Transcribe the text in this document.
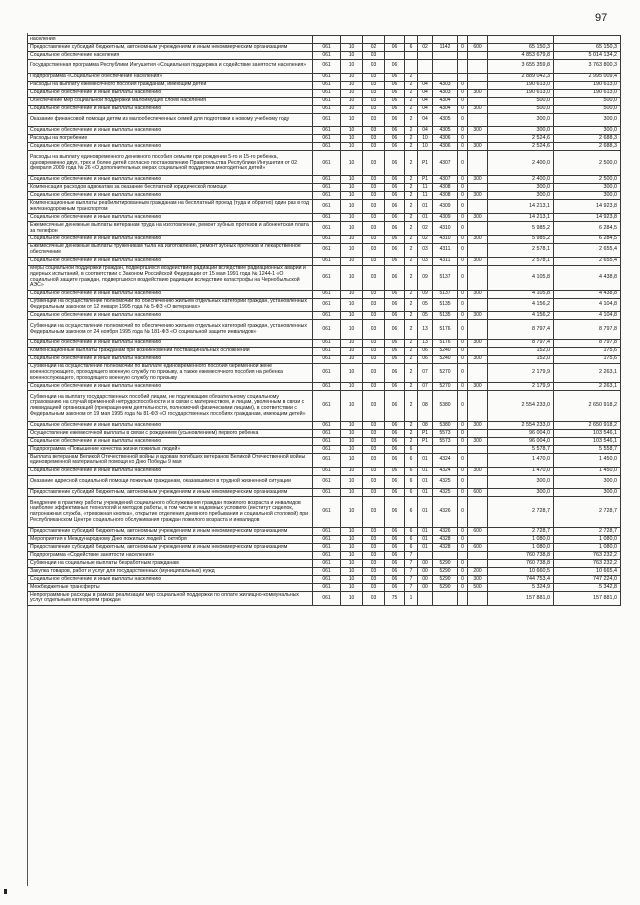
97
населения											
Предоставление субсидий бюджетным, автономным учреждениям и иным некоммерческим организациям	061	10	02	06	6	02	1142	0	600	65 150,3	65 150,3
Социальное обеспечение населения	061	10	03							4 853 679,8	5 014 134,2
Государственная программа Республики Ингушетия «Социальная поддержка и содействие занятости населения»	061	10	03	06						3 655 359,8	3 763 800,3
Подпрограмма «Социальное обеспечение населения»	061	10	03	06	2					2 889 042,3	2 995 009,4
Расходы на выплату ежемесячного пособия гражданам, имеющим детей	061	10	03	06	2	04	4303	0		190 613,0	190 613,0
Социальное обеспечение и иные выплаты населению	061	10	03	06	2	04	4303	0	300	190 613,0	190 613,0
Обеспечение мер социальной поддержки малоимущих слоев населения	061	10	03	06	2	04	4304	0		500,0	500,0
Социальное обеспечение и иные выплаты населению	061	10	03	06	2	04	4304	0	300	500,0	500,0
Оказание финансовой помощи детям из малообеспеченных семей для подготовки к новому учебному году	061	10	03	06	2	04	4305	0		300,0	300,0
Социальное обеспечение и иные выплаты населению	061	10	03	06	2	04	4305	0	300	300,0	300,0
Расходы на погребение	061	10	03	06	2	10	4306	0		2 524,6	2 688,3
Социальное обеспечение и иные выплаты населению	061	10	03	06	2	10	4306	0	300	2 524,6	2 688,3
Расходы на выплату единовременного денежного пособия семьям при рождении 5-го и 15-го ребенка, одновременно двух, трех и более детей согласно постановлению Правительства Республики Ингушетия от 02 февраля 2009 года № 26 «О дополнительных мерах социальной поддержки многодетных детей»	061	10	03	06	2	Р1	4307	0		2 400,0	2 500,0
Социальное обеспечение и иные выплаты населению	061	10	03	06	2	Р1	4307	0	300	2 400,0	2 500,0
Компенсация расходов адвокатам за оказание бесплатной юридической помощи	061	10	03	06	2	11	4308	0		300,0	300,0
Социальное обеспечение и иные выплаты населению	061	10	03	06	2	11	4308	0	300	300,0	300,0
Компенсационные выплаты реабилитированным гражданам на бесплатный проезд (туда и обратно) один раз в год железнодорожным транспортом	061	10	03	06	2	01	4309	0		14 213,1	14 923,8
Социальное обеспечение и иные выплаты населению	061	10	03	06	2	01	4309	0	300	14 213,1	14 923,8
Ежемесячные денежные выплаты ветеранам труда на изготовление, ремонт зубных протезов и абонентская плата за телефон	061	10	03	06	2	02	4310	0		5 985,2	6 284,5
Социальное обеспечение и иные выплаты населению	061	10	03	06	2	02	4310	0	300	5 985,2	6 284,5
Ежемесячные денежные выплаты труженикам тыла на изготовление, ремонт зубных протезов и лекарственное обеспечение	061	10	03	06	2	03	4311	0		2 578,1	2 655,4
Социальное обеспечение и иные выплаты населению	061	10	03	06	2	03	4311	0	300	2 578,1	2 655,4
Меры социальной поддержки граждан, подвергшихся воздействию радиации вследствие радиационных аварий и ядерных испытаний, в соответствии с Законом Российской Федерации от 15 мая 1991 года № 1244-1 «О социальной защите граждан, подвергшихся воздействию радиации вследствие катастрофы на Чернобыльской АЭС»	061	10	03	06	2	09	5137	0		4 105,8	4 438,8
Социальное обеспечение и иные выплаты населению	061	10	03	06	2	09	5137	0	300	4 105,8	4 438,8
Субвенции на осуществление полномочий по обеспечению жильем отдельных категорий граждан, установленных Федеральным законом от 12 января 1995 года № 5-ФЗ «О ветеранах»	061	10	03	06	2	05	5135	0		4 156,2	4 104,8
Социальное обеспечение и иные выплаты населению	061	10	03	06	2	05	5135	0	300	4 156,2	4 104,8
Субвенции на осуществление полномочий по обеспечению жильем отдельных категорий граждан, установленных Федеральным законом от 24 ноября 1995 года № 181-ФЗ «О социальной защите инвалидов»	061	10	03	06	2	13	5176	0		8 797,4	8 797,8
Социальное обеспечение и иные выплаты населению	061	10	03	06	2	13	5176	0	300	8 797,4	8 797,8
Компенсационные выплаты гражданам при возникновении поствакцинальных осложнений	061	10	03	06	2	06	5240	0		152,0	175,6
Социальное обеспечение и иные выплаты населению	061	10	03	06	2	06	5240	0	300	152,0	175,6
Субвенции на осуществление полномочий по выплате единовременного пособия беременной жене военнослужащего, проходящего военную службу по призыву, а также ежемесячного пособия на ребенка военнослужащего, проходящего военную службу по призыву	061	10	03	06	2	07	5270	0		2 179,9	2 263,1
Социальное обеспечение и иные выплаты населению	061	10	03	06	2	07	5270	0	300	2 179,9	2 263,1
Субвенции на выплату государственных пособий лицам, не подлежащим обязательному социальному страхованию на случай временной нетрудоспособности и в связи с материнством, и лицам, уволенным в связи с ликвидацией организаций (прекращением деятельности, полномочий физическими лицами), в соответствии с Федеральным законом от 19 мая 1995 года № 81-ФЗ «О государственных пособиях гражданам, имеющим детей»	061	10	03	06	2	08	5380	0		2 554 233,0	2 650 918,2
Социальное обеспечение и иные выплаты населению	061	10	03	06	2	08	5380	0	300	2 554 233,0	2 650 918,2
Осуществление ежемесячной выплаты в связи с рождением (усыновлением) первого ребенка	061	10	03	06	2	Р1	5573	0		96 004,0	103 546,1
Социальное обеспечение и иные выплаты населению	061	10	03	06	2	Р1	5573	0	300	96 004,0	103 546,1
Подпрограмма «Повышение качества жизни пожилых людей»	061	10	03	06	6					5 578,7	5 558,7
Выплата ветеранам Великой Отечественной войны и вдовам погибших ветеранов Великой Отечественной войны единовременной материальной помощи ко Дню Победы 9 мая	061	10	03	06	6	01	4324	0		1 470,0	1 450,0
Социальное обеспечение и иные выплаты населению	061	10	03	06	6	01	4324	0	300	1 470,0	1 450,0
Оказание адресной социальной помощи пожилым гражданам, оказавшимся в трудной жизненной ситуации	061	10	03	06	6	01	4325	0		300,0	300,0
Предоставление субсидий бюджетным, автономным учреждениям и иным некоммерческим организациям	061	10	03	06	6	01	4325	0	600	300,0	300,0
Внедрение в практику работы учреждений социального обслуживания граждан пожилого возраста и инвалидов наиболее эффективных технологий и методов работы, в том числе в надомных условиях (институт сиделок, патронажная служба, «тревожная кнопка», открытие отделения дневного пребывания и социальной столовой) при Республиканском Центре социального обслуживания граждан пожилого возраста и инвалидов	061	10	03	06	6	01	4326	0		2 728,7	2 728,7
Предоставление субсидий бюджетным, автономным учреждениям и иным некоммерческим организациям	061	10	03	06	6	01	4326	0	600	2 728,7	2 728,7
Мероприятия к Международному Дню пожилых людей 1 октября	061	10	03	06	6	01	4328	0		1 080,0	1 080,0
Предоставление субсидий бюджетным, автономным учреждениям и иным некоммерческим организациям	061	10	03	06	6	01	4328	0	600	1 080,0	1 080,0
Подпрограмма «Содействие занятости населения»	061	10	03	06	7					760 738,8	763 232,2
Субвенции на социальные выплаты безработным гражданам	061	10	03	06	7	00	5290	0		760 738,8	763 232,2
Закупка товаров, работ и услуг для государственных (муниципальных) нужд	061	10	03	06	7	00	5290	0	200	10 660,5	10 665,4
Социальное обеспечение и иные выплаты населению	061	10	03	06	7	00	5290	0	300	744 753,4	747 224,0
Межбюджетные трансферты	061	10	03	06	7	00	5290	0	500	5 324,9	5 342,8
Непрограммные расходы в рамках реализации мер социальной поддержки по оплате жилищно-коммунальных услуг отдельным категориям граждан	061	10	03	75	1					157 881,0	157 881,0
